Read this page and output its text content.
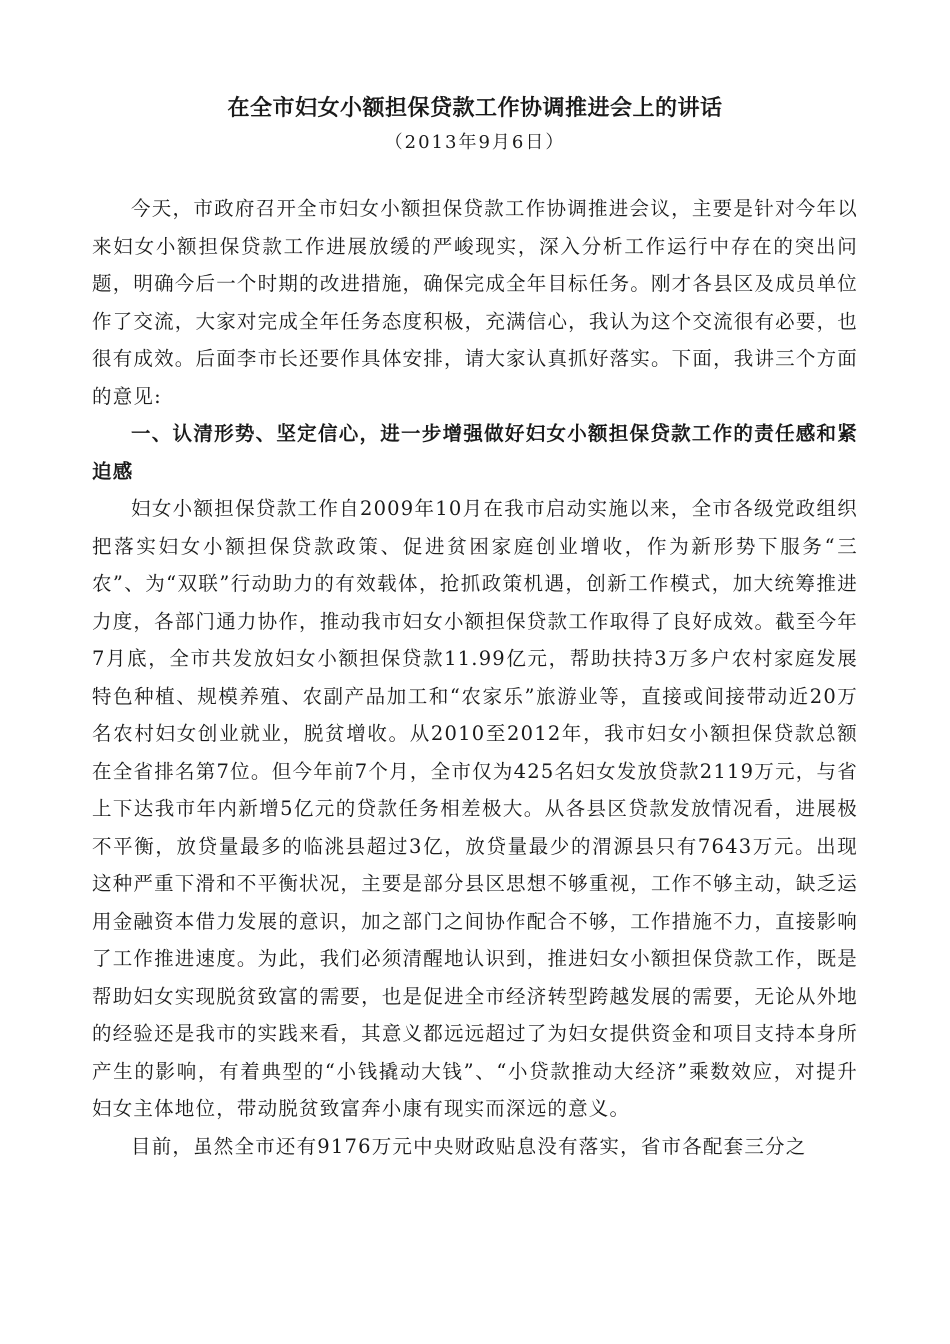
在全市妇女小额担保贷款工作协调推进会上的讲话
（2013年9月6日）

今天，市政府召开全市妇女小额担保贷款工作协调推进会议，主要是针对今年以来妇女小额担保贷款工作进展放缓的严峻现实，深入分析工作运行中存在的突出问题，明确今后一个时期的改进措施，确保完成全年目标任务。刚才各县区及成员单位作了交流，大家对完成全年任务态度积极，充满信心，我认为这个交流很有必要，也很有成效。后面李市长还要作具体安排，请大家认真抓好落实。下面，我讲三个方面的意见:

一、认清形势、坚定信心，进一步增强做好妇女小额担保贷款工作的责任感和紧迫感

妇女小额担保贷款工作自2009年10月在我市启动实施以来，全市各级党政组织把落实妇女小额担保贷款政策、促进贫困家庭创业增收，作为新形势下服务“三农”、为“双联”行动助力的有效载体，抢抓政策机遇，创新工作模式，加大统筹推进力度，各部门通力协作，推动我市妇女小额担保贷款工作取得了良好成效。截至今年7月底，全市共发放妇女小额担保贷款11.99亿元，帮助扶持3万多户农村家庭发展特色种植、规模养殖、农副产品加工和“农家乐”旅游业等，直接或间接带动近20万名农村妇女创业就业，脱贫增收。从2010至2012年，我市妇女小额担保贷款总额在全省排名第7位。但今年前7个月，全市仅为425名妇女发放贷款2119万元，与省上下达我市年内新增5亿元的贷款任务相差极大。从各县区贷款发放情况看，进展极不平衡，放贷量最多的临洮县超过3亿，放贷量最少的渭源县只有7643万元。出现这种严重下滑和不平衡状况，主要是部分县区思想不够重视，工作不够主动，缺乏运用金融资本借力发展的意识，加之部门之间协作配合不够，工作措施不力，直接影响了工作推进速度。为此，我们必须清醒地认识到，推进妇女小额担保贷款工作，既是帮助妇女实现脱贫致富的需要，也是促进全市经济转型跨越发展的需要，无论从外地的经验还是我市的实践来看，其意义都远远超过了为妇女提供资金和项目支持本身所产生的影响，有着典型的“小钱撬动大钱”、“小贷款推动大经济”乘数效应，对提升妇女主体地位，带动脱贫致富奔小康有现实而深远的意义。

目前，虽然全市还有9176万元中央财政贴息没有落实，省市各配套三分之
